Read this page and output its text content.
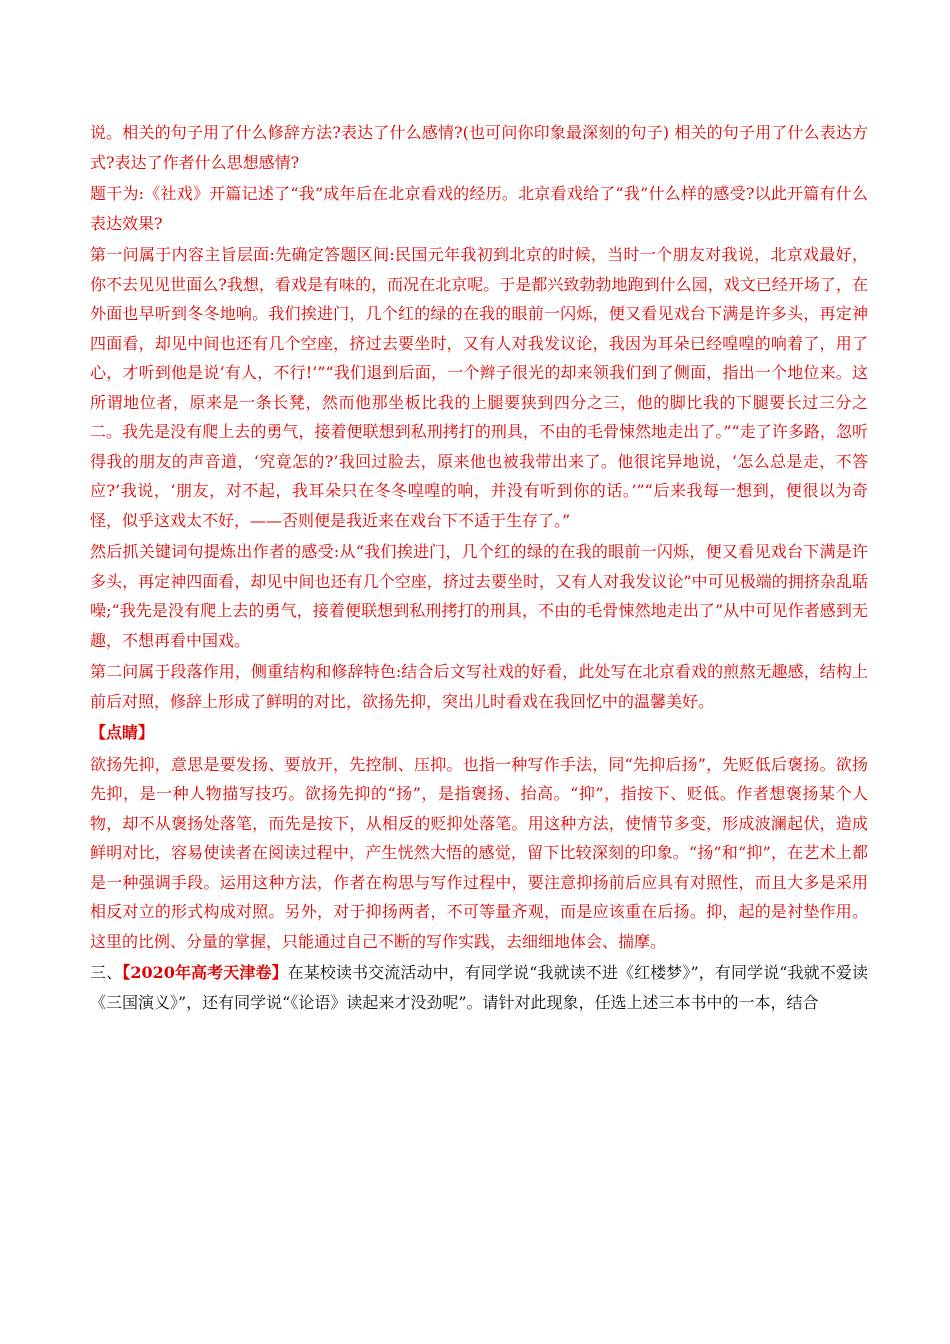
说。相关的句子用了什么修辞方法?表达了什么感情?(也可问你印象最深刻的句子) 相关的句子用了什么表达方式?表达了作者什么思想感情?

题干为:《社戏》开篇记述了“我”成年后在北京看戏的经历。北京看戏给了“我”什么样的感受?以此开篇有什么表达效果?

第一问属于内容主旨层面:先确定答题区间:民国元年我初到北京的时候，当时一个朋友对我说，北京戏最好，你不去见见世面么?我想，看戏是有味的，而况在北京呢。于是都兴致勃勃地跑到什么园，戏文已经开场了，在外面也早听到冬冬地响。我们挨进门，几个红的绿的在我的眼前一闪烁，便又看见戏台下满是许多头，再定神四面看，却见中间也还有几个空座，挤过去要坐时，又有人对我发议论，我因为耳朵已经喤喤的响着了，用了心，才听到他是说‘有人，不行!’”“我们退到后面，一个辫子很光的却来领我们到了侧面，指出一个地位来。这所谓地位者，原来是一条长凳，然而他那坐板比我的上腿要狭到四分之三，他的脚比我的下腿要长过三分之二。我先是没有爬上去的勇气，接着便联想到私刑拷打的刑具，不由的毛骨悚然地走出了。”“走了许多路，忽听得我的朋友的声音道，‘究竟怎的?’我回过脸去，原来他也被我带出来了。他很诧异地说，‘怎么总是走，不答应?’我说，‘朋友，对不起，我耳朵只在冬冬喤喤的响，并没有听到你的话。’”“后来我每一想到，便很以为奇怪，似乎这戏太不好，——否则便是我近来在戏台下不适于生存了。”

然后抓关键词句提炼出作者的感受:从“我们挨进门，几个红的绿的在我的眼前一闪烁，便又看见戏台下满是许多头，再定神四面看，却见中间也还有几个空座，挤过去要坐时，又有人对我发议论”中可见极端的拥挤杂乱聒噪;“我先是没有爬上去的勇气，接着便联想到私刑拷打的刑具，不由的毛骨悚然地走出了”从中可见作者感到无趣，不想再看中国戏。

第二问属于段落作用，侧重结构和修辞特色:结合后文写社戏的好看，此处写在北京看戏的煎熬无趣感，结构上前后对照，修辞上形成了鲜明的对比，欲扬先抑，突出儿时看戏在我回忆中的温馨美好。

【点睛】

欲扬先抑，意思是要发扬、要放开，先控制、压抑。也指一种写作手法，同“先抑后扬”，先贬低后褒扬。欲扬先抑，是一种人物描写技巧。欲扬先抑的“扬”，是指褒扬、抬高。“抑”，指按下、贬低。作者想褒扬某个人物，却不从褒扬处落笔，而先是按下，从相反的贬抑处落笔。用这种方法，使情节多变，形成波澜起伏，造成鲜明对比，容易使读者在阅读过程中，产生恍然大悟的感觉，留下比较深刻的印象。“扬”和“抑”，在艺术上都是一种强调手段。运用这种方法，作者在构思与写作过程中，要注意抑扬前后应具有对照性，而且大多是采用相反对立的形式构成对照。另外，对于抑扬两者，不可等量齐观，而是应该重在后扬。抑，起的是衬垫作用。这里的比例、分量的掌握，只能通过自己不断的写作实践，去细细地体会、揣摩。

三、【2020年高考天津卷】在某校读书交流活动中，有同学说“我就读不进《红楼梦》”，有同学说“我就不爱读《三国演义》”，还有同学说“《论语》读起来才没劲呢”。请针对此现象，任选上述三本书中的一本，结合
